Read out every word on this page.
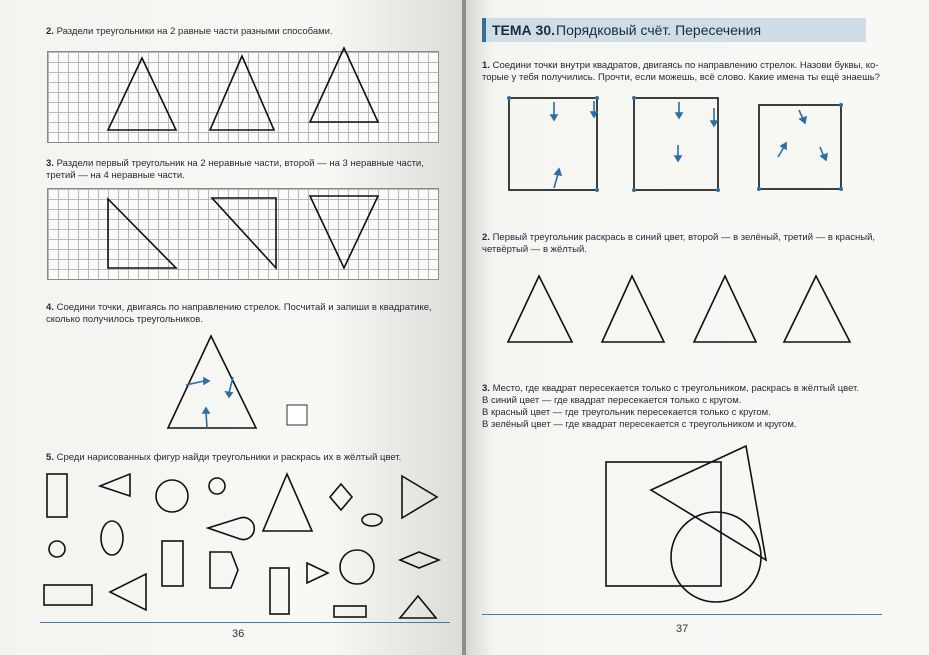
2. Раздели треугольники на 2 равные части разными способами.

3. Раздели первый треугольник на 2 неравные части, второй — на 3 неравные части,
третий — на 4 неравные части.

4. Соедини точки, двигаясь по направлению стрелок. Посчитай и запиши в квадратике,
сколько получилось треугольников.

5. Среди нарисованных фигур найди треугольники и раскрась их в жёлтый цвет.

36
ТЕМА 30. Порядковый счёт. Пересечения

1. Соедини точки внутри квадратов, двигаясь по направлению стрелок. Назови буквы, ко-
торые у тебя получились. Прочти, если можешь, всё слово. Какие имена ты ещё знаешь?

2. Первый треугольник раскрась в синий цвет, второй — в зелёный, третий — в красный,
четвёртый — в жёлтый.

3. Место, где квадрат пересекается только с треугольником, раскрась в жёлтый цвет.
В синий цвет — где квадрат пересекается только с кругом.
В красный цвет — где треугольник пересекается только с кругом.
В зелёный цвет — где квадрат пересекается с треугольником и кругом.

37
